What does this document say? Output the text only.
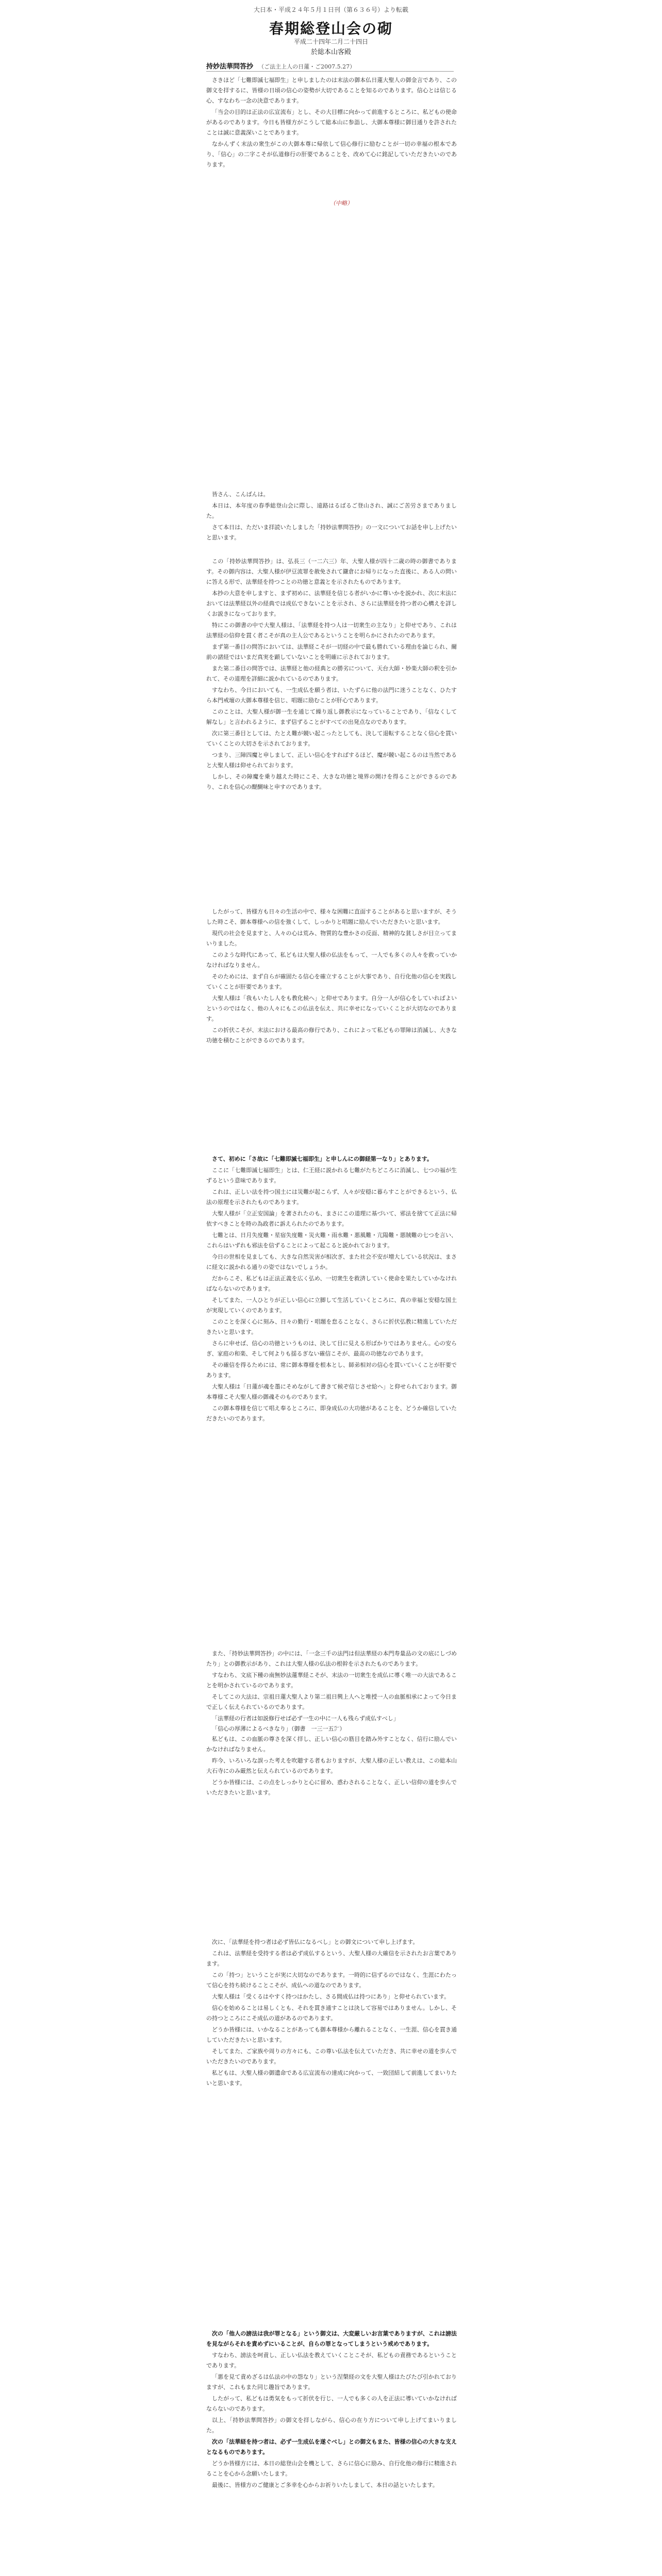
大日本・平成２４年５月１日刊（第６３６号）より転載
春期総登山会の砌
平成二十四年二月二十四日
於総本山客殿
持妙法華問答抄 （ご法主上人の日蓮・ご2007.5.27）

さきほど「七難即滅七福即生」と申しましたのは末法の御本仏日蓮大聖人の御金言であり、この御文を拝するに、皆様の日頃の信心の姿勢が大切であることを知るのであります。信心とは信じる心、すなわち一念の決意であります。

「当会の目的は正法の広宣流布」とし、その大目標に向かって前進するところに、私どもの使命があるのであります。今日も皆様方がこうして総本山に参詣し、大御本尊様に御目通りを許されたことは誠に意義深いことであります。

なかんずく末法の衆生がこの大御本尊に帰依して信心修行に励むことが一切の幸福の根本であり、「信心」の二字こそが仏道修行の肝要であることを、改めて心に銘記していただきたいのであります。

（中略）

皆さん、こんばんは。

本日は、本年度の春季総登山会に際し、遠路はるばるご登山され、誠にご苦労さまでありました。

さて本日は、ただいま拝読いたしました「持妙法華問答抄」の一文についてお話を申し上げたいと思います。

この「持妙法華問答抄」は、弘長三（一二六三）年、大聖人様が四十二歳の時の御書であります。その御内容は、大聖人様が伊豆流罪を赦免されて鎌倉にお帰りになった直後に、ある人の問いに答える形で、法華経を持つことの功徳と意義とを示されたものであります。

本抄の大意を申しますと、まず初めに、法華経を信じる者がいかに尊いかを説かれ、次に末法においては法華経以外の経典では成仏できないことを示され、さらに法華経を持つ者の心構えを詳しくお説きになっております。

特にこの御書の中で大聖人様は、「法華経を持つ人は一切衆生の主なり」と仰せであり、これは法華経の信仰を貫く者こそが真の主人公であるということを明らかにされたのであります。

まず第一番目の問答においては、法華経こそが一切経の中で最も勝れている理由を論じられ、爾前の諸経ではいまだ真実を顕していないことを明確に示されております。

また第二番目の問答では、法華経と他の経典との勝劣について、天台大師・妙楽大師の釈を引かれて、その道理を詳細に説かれているのであります。

すなわち、今日においても、一生成仏を願う者は、いたずらに他の法門に迷うことなく、ひたすら本門戒壇の大御本尊様を信じ、唱題に励むことが肝心であります。

このことは、大聖人様が御一生を通じて繰り返し御教示になっていることであり、「信なくして解なし」と言われるように、まず信ずることがすべての出発点なのであります。

次に第三番目としては、たとえ難が競い起こったとしても、決して退転することなく信心を貫いていくことの大切さを示されております。

つまり、三障四魔と申しまして、正しい信心をすればするほど、魔が競い起こるのは当然であると大聖人様は仰せられております。

しかし、その障魔を乗り越えた時にこそ、大きな功徳と境界の開けを得ることができるのであり、これを信心の醍醐味と申すのであります。

したがって、皆様方も日々の生活の中で、様々な困難に直面することがあると思いますが、そうした時こそ、御本尊様への信を強くして、しっかりと唱題に励んでいただきたいと思います。

現代の社会を見ますと、人々の心は荒み、物質的な豊かさの反面、精神的な貧しさが目立ってまいりました。

このような時代にあって、私どもは大聖人様の仏法をもって、一人でも多くの人々を救っていかなければなりません。

そのためには、まず自らが確固たる信心を確立することが大事であり、自行化他の信心を実践していくことが肝要であります。

大聖人様は「我もいたし人をも教化候へ」と仰せであります。自分一人が信心をしていればよいというのではなく、他の人々にもこの仏法を伝え、共に幸せになっていくことが大切なのであります。

この折伏こそが、末法における最高の修行であり、これによって私どもの罪障は消滅し、大きな功徳を積むことができるのであります。

さて、初めに「さ故に「七難即滅七福即生」と申しんにの御経第一なり」とあります。

ここに「七難即滅七福即生」とは、仁王経に説かれる七難がたちどころに消滅し、七つの福が生ずるという意味であります。

これは、正しい法を持つ国土には災難が起こらず、人々が安穏に暮らすことができるという、仏法の原理を示されたものであります。

大聖人様が「立正安国論」を著されたのも、まさにこの道理に基づいて、邪法を捨てて正法に帰依すべきことを時の為政者に訴えられたのであります。

七難とは、日月失度難・星宿失度難・災火難・雨水難・悪風難・亢陽難・悪賊難の七つを言い、これらはいずれも邪法を信ずることによって起こると説かれております。

今日の世相を見ましても、大きな自然災害が相次ぎ、また社会不安が増大している状況は、まさに経文に説かれる通りの姿ではないでしょうか。

だからこそ、私どもは正法正義を広く弘め、一切衆生を救済していく使命を果たしていかなければならないのであります。

そしてまた、一人ひとりが正しい信心に立脚して生活していくところに、真の幸福と安穏な国土が実現していくのであります。

このことを深く心に刻み、日々の勤行・唱題を怠ることなく、さらに折伏弘教に精進していただきたいと思います。

さらに申せば、信心の功徳というものは、決して目に見える形ばかりではありません。心の安らぎ、家庭の和楽、そして何よりも揺るぎない確信こそが、最高の功徳なのであります。

その確信を得るためには、常に御本尊様を根本とし、師弟相対の信心を貫いていくことが肝要であります。

大聖人様は「日蓮が魂を墨にそめながして書きて候ぞ信じさせ給へ」と仰せられております。御本尊様こそ大聖人様の御魂そのものであります。

この御本尊様を信じて唱え奉るところに、即身成仏の大功徳があることを、どうか確信していただきたいのであります。

また、「持妙法華問答抄」の中には、「一念三千の法門は但法華経の本門寿量品の文の底にしづめたり」との御教示があり、これは大聖人様の仏法の根幹を示されたものであります。

すなわち、文底下種の南無妙法蓮華経こそが、末法の一切衆生を成仏に導く唯一の大法であることを明かされているのであります。

そしてこの大法は、宗祖日蓮大聖人より第二祖日興上人へと唯授一人の血脈相承によって今日まで正しく伝えられているのであります。

「法華経の行者は如説修行せば必ず一生の中に一人も残らず成仏すべし」
「信心の厚薄によるべきなり」（御書　一三一五㌻）

私どもは、この血脈の尊さを深く拝し、正しい信心の筋目を踏み外すことなく、信行に励んでいかなければなりません。

昨今、いろいろな誤った考えを吹聴する者もおりますが、大聖人様の正しい教えは、この総本山大石寺にのみ厳然と伝えられているのであります。

どうか皆様には、この点をしっかりと心に留め、惑わされることなく、正しい信仰の道を歩んでいただきたいと思います。

次に、「法華経を持つ者は必ず皆仏になるべし」との御文について申し上げます。

これは、法華経を受持する者は必ず成仏するという、大聖人様の大確信を示されたお言葉であります。

この「持つ」ということが実に大切なのであります。一時的に信ずるのではなく、生涯にわたって信心を持ち続けることこそが、成仏への道なのであります。

大聖人様は「受くるはやすく持つはかたし、さる間成仏は持つにあり」と仰せられています。

信心を始めることは易しくとも、それを貫き通すことは決して容易ではありません。しかし、その持つところにこそ成仏の道があるのであります。

どうか皆様には、いかなることがあっても御本尊様から離れることなく、一生涯、信心を貫き通していただきたいと思います。

そしてまた、ご家族や周りの方々にも、この尊い仏法を伝えていただき、共に幸せの道を歩んでいただきたいのであります。

私どもは、大聖人様の御遺命である広宣流布の達成に向かって、一致団結して前進してまいりたいと思います。

次の「他人の謗法は我が罪となる」という御文は、大変厳しいお言葉でありますが、これは謗法を見ながらそれを責めずにいることが、自らの罪となってしまうという戒めであります。

すなわち、謗法を呵責し、正しい仏法を教えていくことこそが、私どもの責務であるということであります。

「悪を見て責めざるは仏法の中の怨なり」という涅槃経の文を大聖人様はたびたび引かれておりますが、これもまた同じ趣旨であります。

したがって、私どもは勇気をもって折伏を行じ、一人でも多くの人を正法に導いていかなければならないのであります。

以上、「持妙法華問答抄」の御文を拝しながら、信心の在り方について申し上げてまいりました。

次の「法華経を持つ者は、必ず一生成仏を遂ぐべし」との御文もまた、皆様の信心の大きな支えとなるものであります。

どうか皆様方には、本日の総登山会を機として、さらに信心に励み、自行化他の修行に精進されることを心から念願いたします。

最後に、皆様方のご健康とご多幸を心からお祈りいたしまして、本日の話といたします。
